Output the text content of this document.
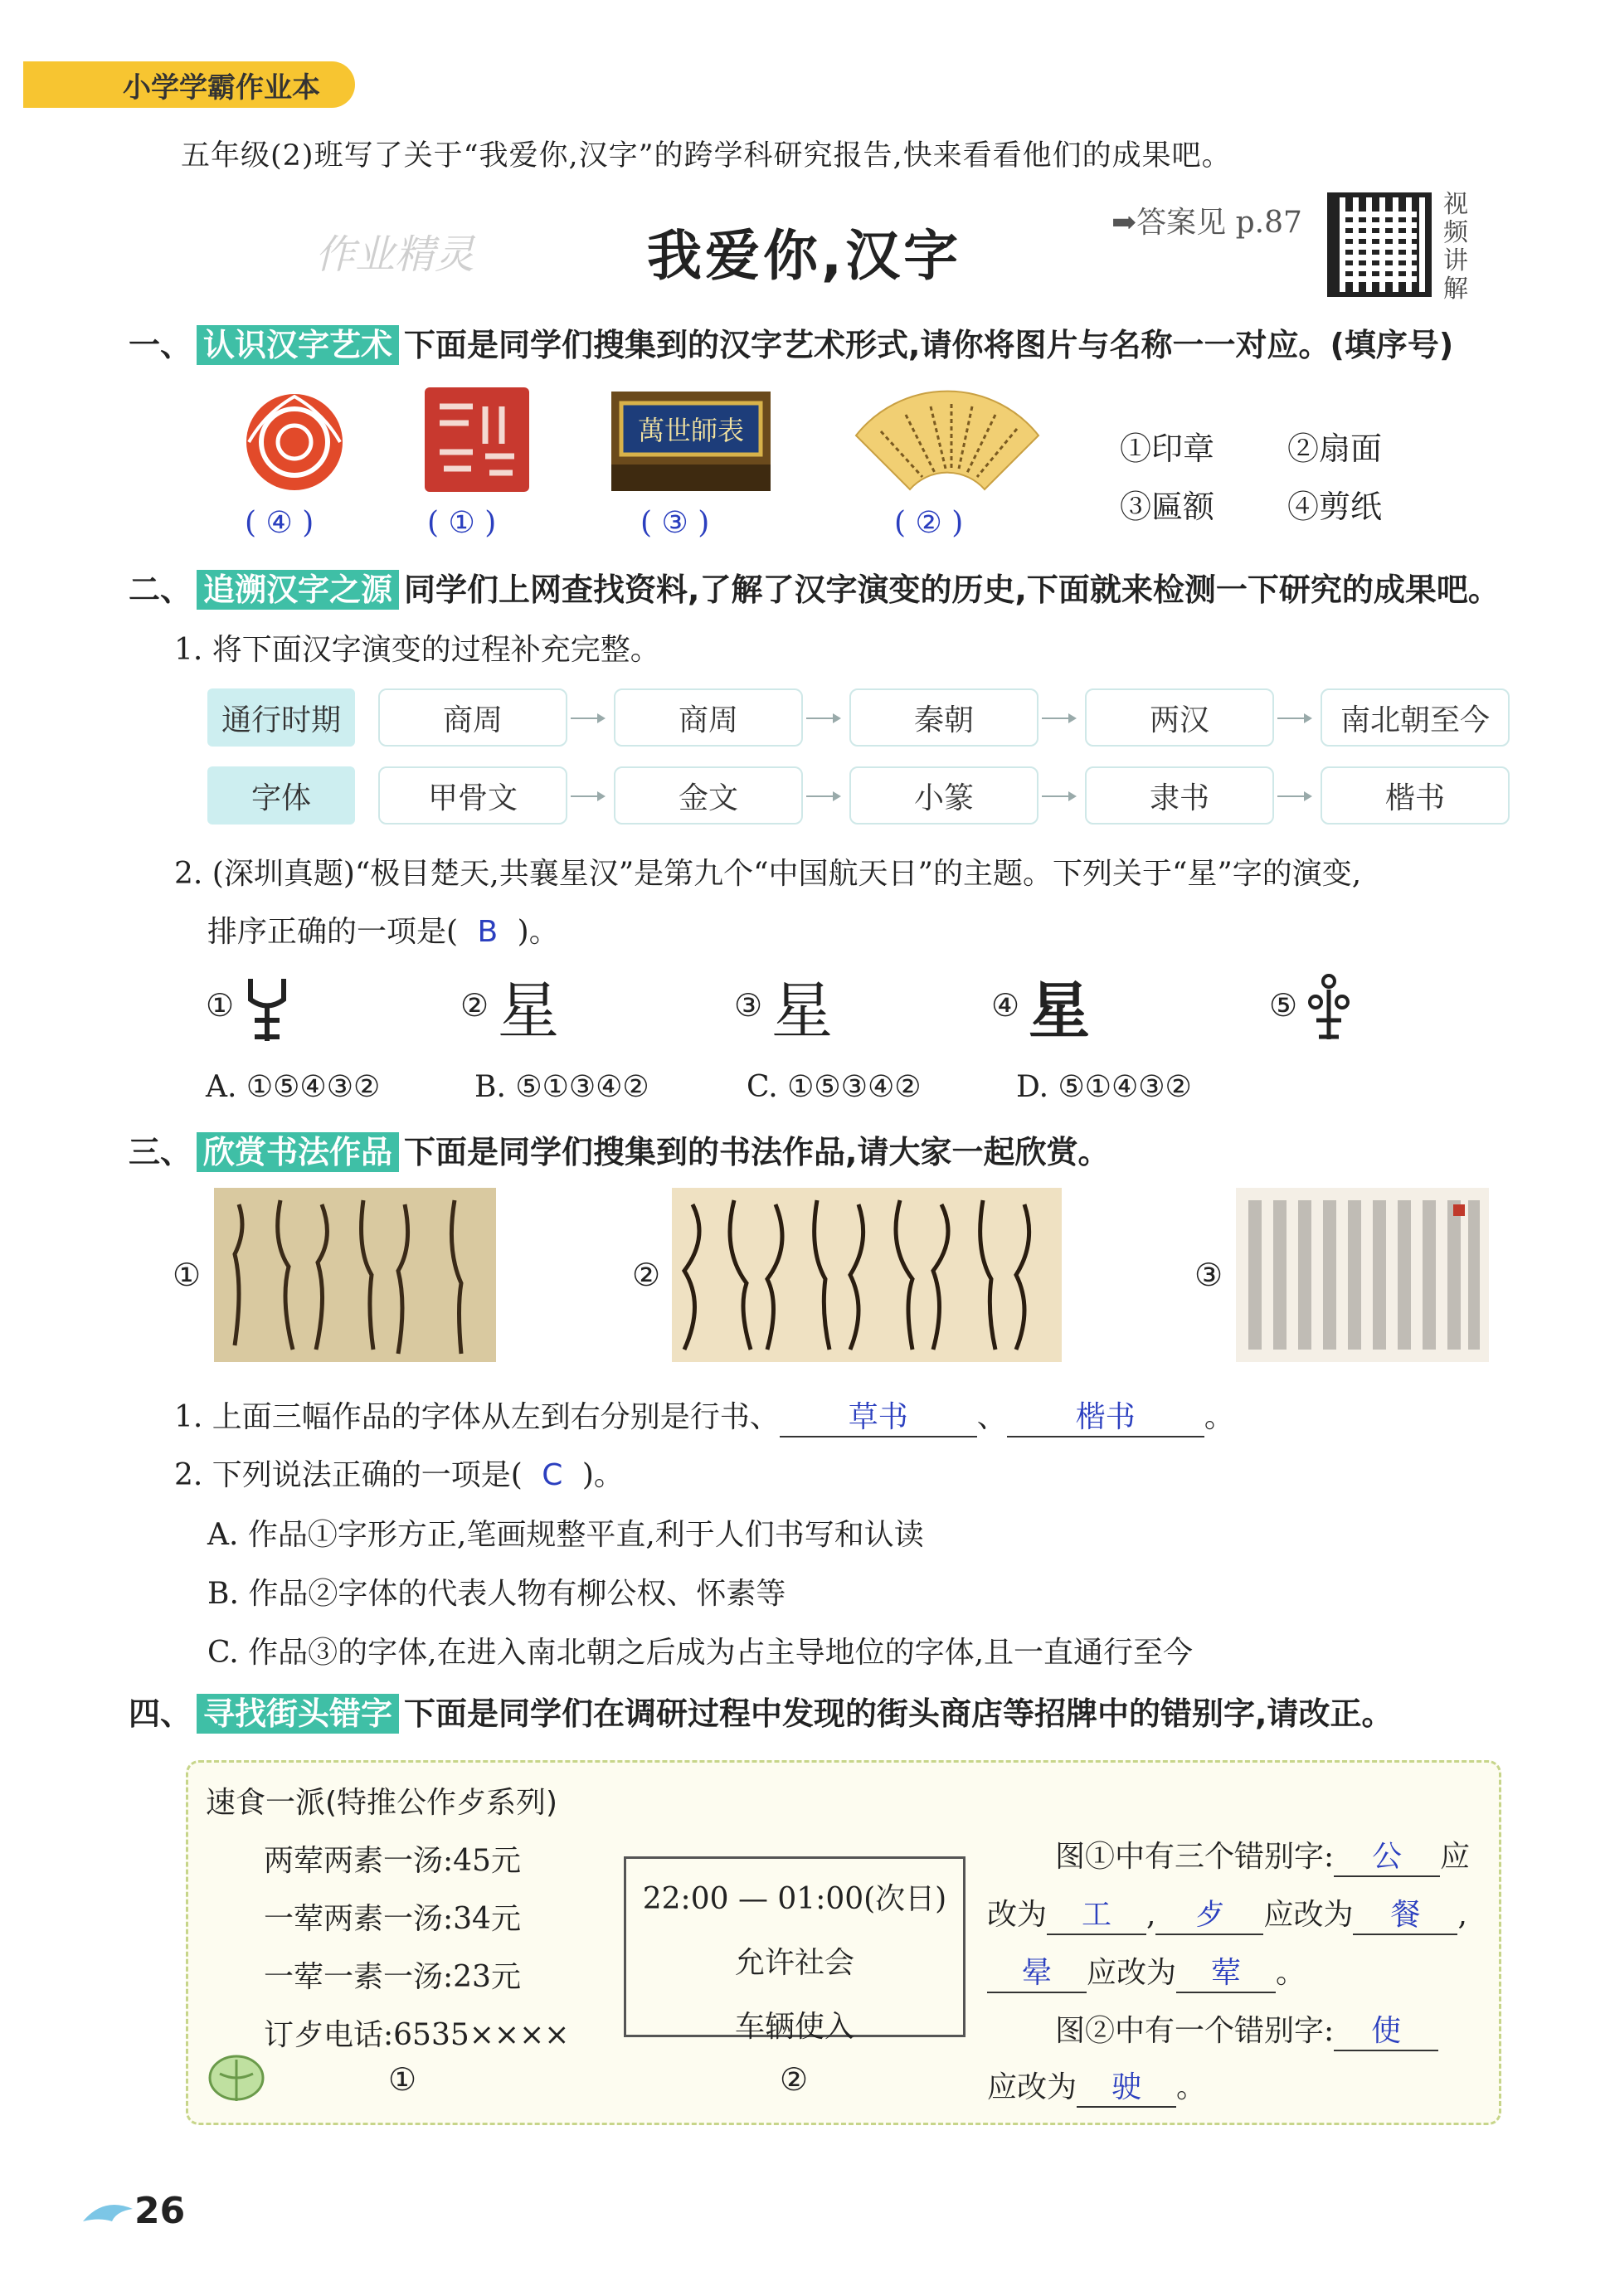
小学学霸作业本
五年级(2)班写了关于“我爱你,汉字”的跨学科研究报告,快来看看他们的成果吧。
作业精灵	我爱你,汉字
➡答案见 p.87
视频讲解
一、 认识汉字艺术 下面是同学们搜集到的汉字艺术形式,请你将图片与名称一一对应。(填序号)
萬世師表
( ④ )	( ① )	( ③ )	( ② )
①印章 ②扇面
③匾额 ④剪纸
二、 追溯汉字之源 同学们上网查找资料,了解了汉字演变的历史,下面就来检测一下研究的成果吧。
1. 将下面汉字演变的过程补充完整。
通行时期	商周	商周	秦朝	两汉	南北朝至今
字体	甲骨文	金文	小篆	隶书	楷书
2. (深圳真题)“极目楚天,共襄星汉”是第九个“中国航天日”的主题。下列关于“星”字的演变,
排序正确的一项是( B )。
①	② 星	③ 星	④ 星	⑤
A. ①⑤④③②	B. ⑤①③④②	C. ①⑤③④②	D. ⑤①④③②
三、 欣赏书法作品 下面是同学们搜集到的书法作品,请大家一起欣赏。
①	②	③
1. 上面三幅作品的字体从左到右分别是行书、 草书 、 楷书 。
2. 下列说法正确的一项是( C )。
A. 作品①字形方正,笔画规整平直,利于人们书写和认读
B. 作品②字体的代表人物有柳公权、怀素等
C. 作品③的字体,在进入南北朝之后成为占主导地位的字体,且一直通行至今
四、 寻找街头错字 下面是同学们在调研过程中发现的街头商店等招牌中的错别字,请改正。
速食一派(特推公作歺系列)
两荤两素一汤:45元
一荤两素一汤:34元
一荤一素一汤:23元
订歺电话:6535××××
①
22:00 — 01:00(次日)
允许社会
车辆使入
②
图①中有三个错别字: 公 应
改为 工 , 歺 应改为 餐 ,
晕 应改为 荤 。
图②中有一个错别字: 使
应改为 驶 。
26
